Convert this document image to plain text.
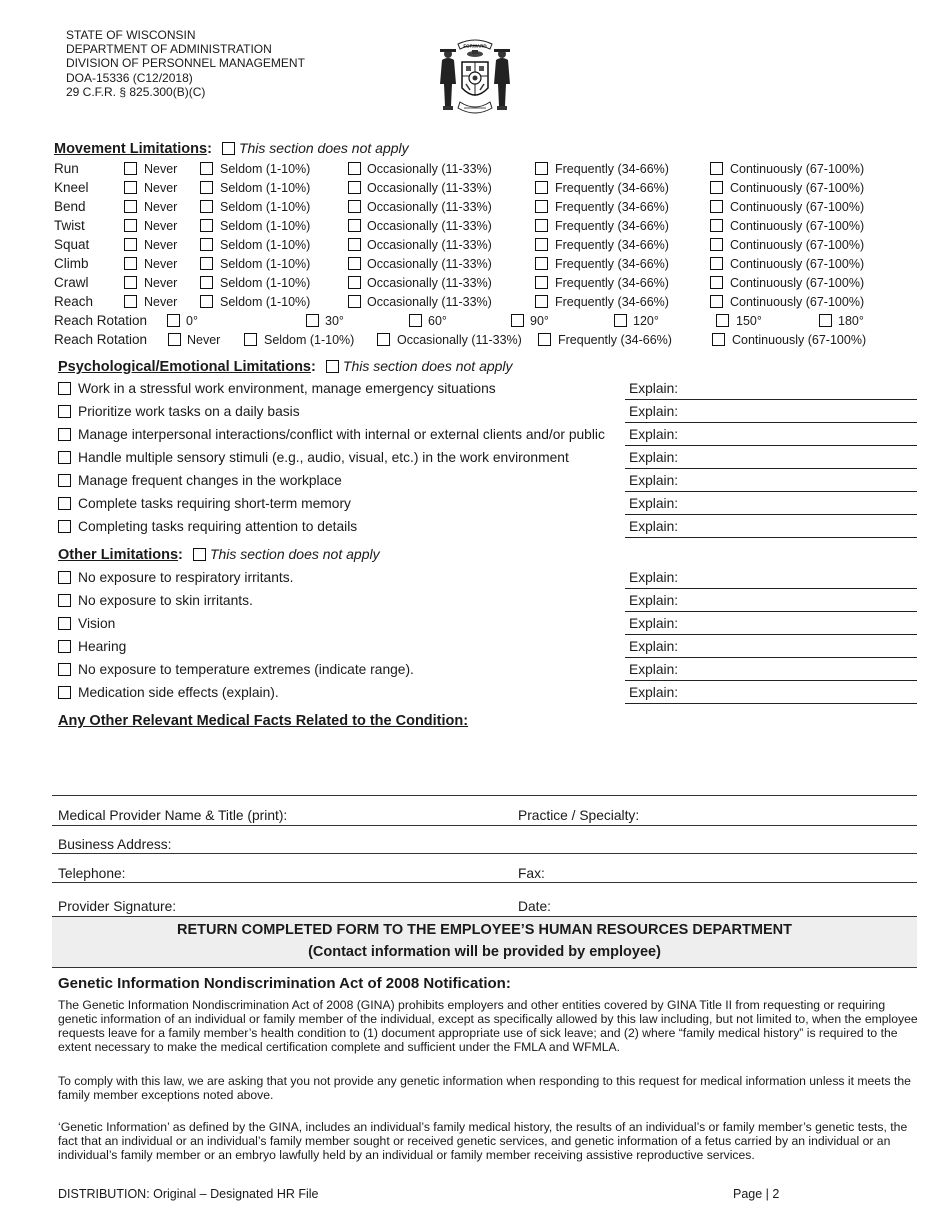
STATE OF WISCONSIN
DEPARTMENT OF ADMINISTRATION
DIVISION OF PERSONNEL MANAGEMENT
DOA-15336 (C12/2018)
29 C.F.R. § 825.300(B)(C)
FORWARD
Movement Limitations:  This section does not apply
Run	Never	Seldom (1-10%)	Occasionally (11-33%)	Frequently (34-66%)	Continuously (67-100%)
Kneel	Never	Seldom (1-10%)	Occasionally (11-33%)	Frequently (34-66%)	Continuously (67-100%)
Bend	Never	Seldom (1-10%)	Occasionally (11-33%)	Frequently (34-66%)	Continuously (67-100%)
Twist	Never	Seldom (1-10%)	Occasionally (11-33%)	Frequently (34-66%)	Continuously (67-100%)
Squat	Never	Seldom (1-10%)	Occasionally (11-33%)	Frequently (34-66%)	Continuously (67-100%)
Climb	Never	Seldom (1-10%)	Occasionally (11-33%)	Frequently (34-66%)	Continuously (67-100%)
Crawl	Never	Seldom (1-10%)	Occasionally (11-33%)	Frequently (34-66%)	Continuously (67-100%)
Reach	Never	Seldom (1-10%)	Occasionally (11-33%)	Frequently (34-66%)	Continuously (67-100%)
Reach Rotation	0°	30°	60°	90°	120°	150°	180°
Reach Rotation	Never	Seldom (1-10%)	Occasionally (11-33%)	Frequently (34-66%)	Continuously (67-100%)
Psychological/Emotional Limitations:  This section does not apply
Work in a stressful work environment, manage emergency situations	Explain:
Prioritize work tasks on a daily basis	Explain:
Manage interpersonal interactions/conflict with internal or external clients and/or public Explain:
Handle multiple sensory stimuli (e.g., audio, visual, etc.) in the work environment	Explain:
Manage frequent changes in the workplace	Explain:
Complete tasks requiring short-term memory	Explain:
Completing tasks requiring attention to details	Explain:
Other Limitations:  This section does not apply
No exposure to respiratory irritants.	Explain:
No exposure to skin irritants.	Explain:
Vision	Explain:
Hearing	Explain:
No exposure to temperature extremes (indicate range).	Explain:
Medication side effects (explain).	Explain:
Any Other Relevant Medical Facts Related to the Condition:
Medical Provider Name & Title (print):	Practice / Specialty:
Business Address:
Telephone:	Fax:
Provider Signature:	Date:
RETURN COMPLETED FORM TO THE EMPLOYEE’S HUMAN RESOURCES DEPARTMENT
(Contact information will be provided by employee)
Genetic Information Nondiscrimination Act of 2008 Notification:
The Genetic Information Nondiscrimination Act of 2008 (GINA) prohibits employers and other entities covered by GINA Title II from requesting or requiring genetic information of an individual or family member of the individual, except as specifically allowed by this law including, but not limited to, when the employee requests leave for a family member’s health condition to (1) document appropriate use of sick leave; and (2) where “family medical history” is required to the extent necessary to make the medical certification complete and sufficient under the FMLA and WFMLA.
To comply with this law, we are asking that you not provide any genetic information when responding to this request for medical information unless it meets the family member exceptions noted above.
‘Genetic Information’ as defined by the GINA, includes an individual’s family medical history, the results of an individual’s or family member’s genetic tests, the fact that an individual or an individual’s family member sought or received genetic services, and genetic information of a fetus carried by an individual or an individual’s family member or an embryo lawfully held by an individual or family member receiving assistive reproductive services.
DISTRIBUTION: Original – Designated HR File	Page | 2
